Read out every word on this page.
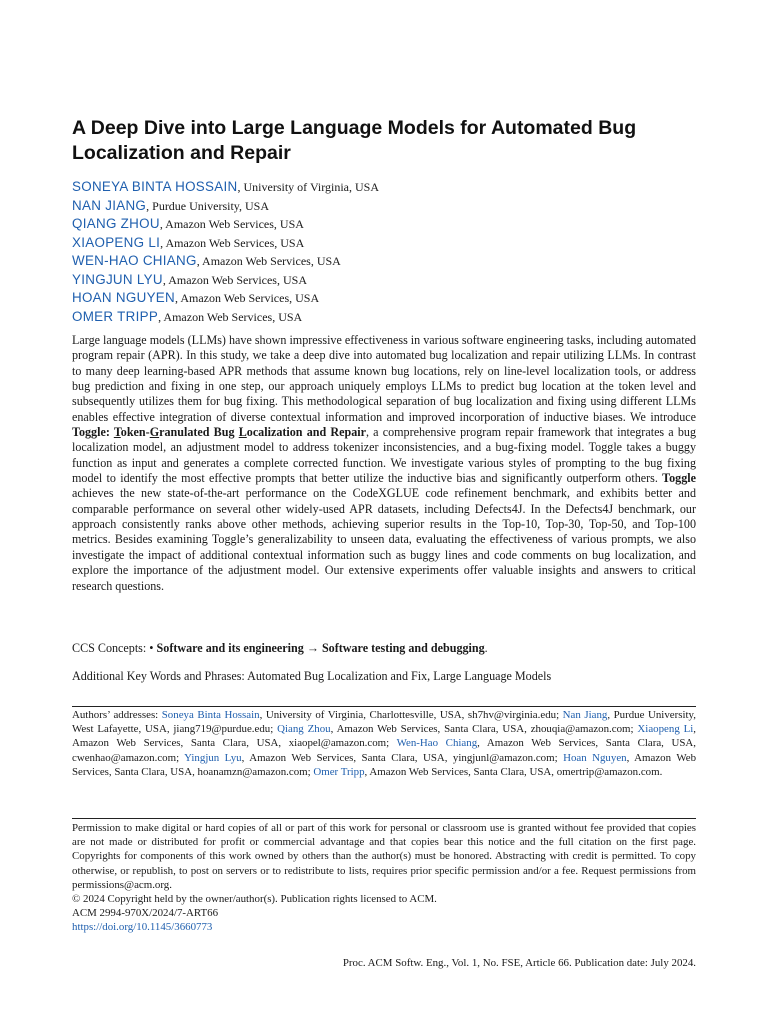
A Deep Dive into Large Language Models for Automated Bug Localization and Repair
SONEYA BINTA HOSSAIN, University of Virginia, USA
NAN JIANG, Purdue University, USA
QIANG ZHOU, Amazon Web Services, USA
XIAOPENG LI, Amazon Web Services, USA
WEN-HAO CHIANG, Amazon Web Services, USA
YINGJUN LYU, Amazon Web Services, USA
HOAN NGUYEN, Amazon Web Services, USA
OMER TRIPP, Amazon Web Services, USA
Large language models (LLMs) have shown impressive effectiveness in various software engineering tasks, including automated program repair (APR). In this study, we take a deep dive into automated bug localization and repair utilizing LLMs. In contrast to many deep learning-based APR methods that assume known bug locations, rely on line-level localization tools, or address bug prediction and fixing in one step, our approach uniquely employs LLMs to predict bug location at the token level and subsequently utilizes them for bug fixing. This methodological separation of bug localization and fixing using different LLMs enables effective integration of diverse contextual information and improved incorporation of inductive biases. We introduce Toggle: Token-Granulated Bug Localization and Repair, a comprehensive program repair framework that integrates a bug localization model, an adjustment model to address tokenizer inconsistencies, and a bug-fixing model. Toggle takes a buggy function as input and generates a complete corrected function. We investigate various styles of prompting to the bug fixing model to identify the most effective prompts that better utilize the inductive bias and significantly outperform others. Toggle achieves the new state-of-the-art performance on the CodeXGLUE code refinement benchmark, and exhibits better and comparable performance on several other widely-used APR datasets, including Defects4J. In the Defects4J benchmark, our approach consistently ranks above other methods, achieving superior results in the Top-10, Top-30, Top-50, and Top-100 metrics. Besides examining Toggle’s generalizability to unseen data, evaluating the effectiveness of various prompts, we also investigate the impact of additional contextual information such as buggy lines and code comments on bug localization, and explore the importance of the adjustment model. Our extensive experiments offer valuable insights and answers to critical research questions.
CCS Concepts: • Software and its engineering → Software testing and debugging.
Additional Key Words and Phrases: Automated Bug Localization and Fix, Large Language Models
Authors’ addresses: Soneya Binta Hossain, University of Virginia, Charlottesville, USA, sh7hv@virginia.edu; Nan Jiang, Purdue University, West Lafayette, USA, jiang719@purdue.edu; Qiang Zhou, Amazon Web Services, Santa Clara, USA, zhouqia@amazon.com; Xiaopeng Li, Amazon Web Services, Santa Clara, USA, xiaopel@amazon.com; Wen-Hao Chiang, Amazon Web Services, Santa Clara, USA, cwenhao@amazon.com; Yingjun Lyu, Amazon Web Services, Santa Clara, USA, yingjunl@amazon.com; Hoan Nguyen, Amazon Web Services, Santa Clara, USA, hoanamzn@amazon.com; Omer Tripp, Amazon Web Services, Santa Clara, USA, omertrip@amazon.com.
Permission to make digital or hard copies of all or part of this work for personal or classroom use is granted without fee provided that copies are not made or distributed for profit or commercial advantage and that copies bear this notice and the full citation on the first page. Copyrights for components of this work owned by others than the author(s) must be honored. Abstracting with credit is permitted. To copy otherwise, or republish, to post on servers or to redistribute to lists, requires prior specific permission and/or a fee. Request permissions from permissions@acm.org.
© 2024 Copyright held by the owner/author(s). Publication rights licensed to ACM.
ACM 2994-970X/2024/7-ART66
https://doi.org/10.1145/3660773
Proc. ACM Softw. Eng., Vol. 1, No. FSE, Article 66. Publication date: July 2024.
